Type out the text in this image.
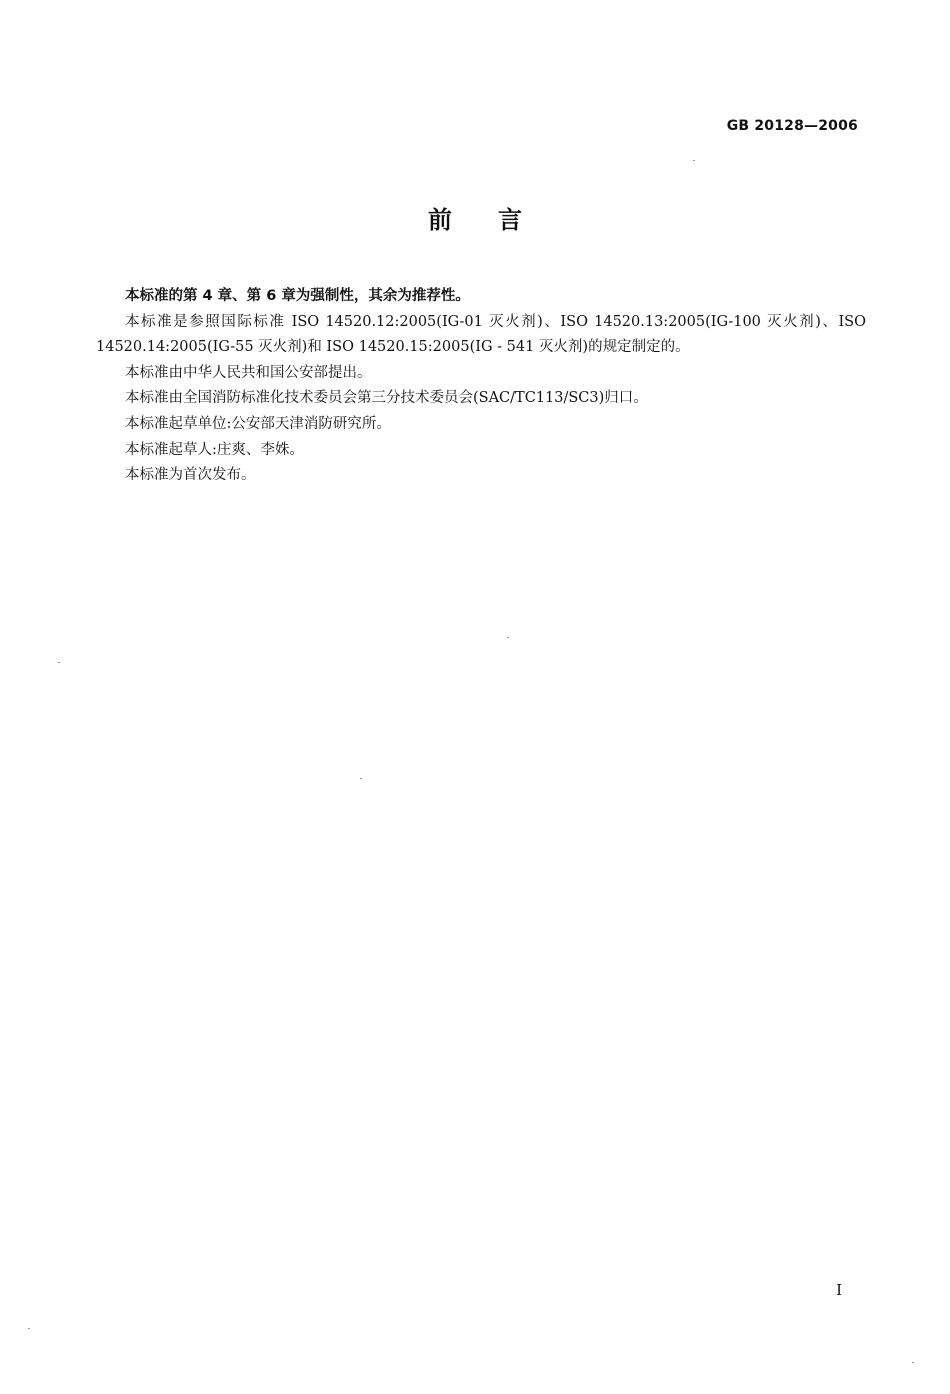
GB 20128—2006
前言

本标准的第 4 章、第 6 章为强制性，其余为推荐性。

本标准是参照国际标准 ISO 14520.12:2005(IG-01 灭火剂)、ISO 14520.13:2005(IG-100 灭火剂)、ISO 14520.14:2005(IG-55 灭火剂)和 ISO 14520.15:2005(IG - 541 灭火剂)的规定制定的。

本标准由中华人民共和国公安部提出。

本标准由全国消防标准化技术委员会第三分技术委员会(SAC/TC113/SC3)归口。

本标准起草单位:公安部天津消防研究所。

本标准起草人:庄爽、李姝。

本标准为首次发布。

I
